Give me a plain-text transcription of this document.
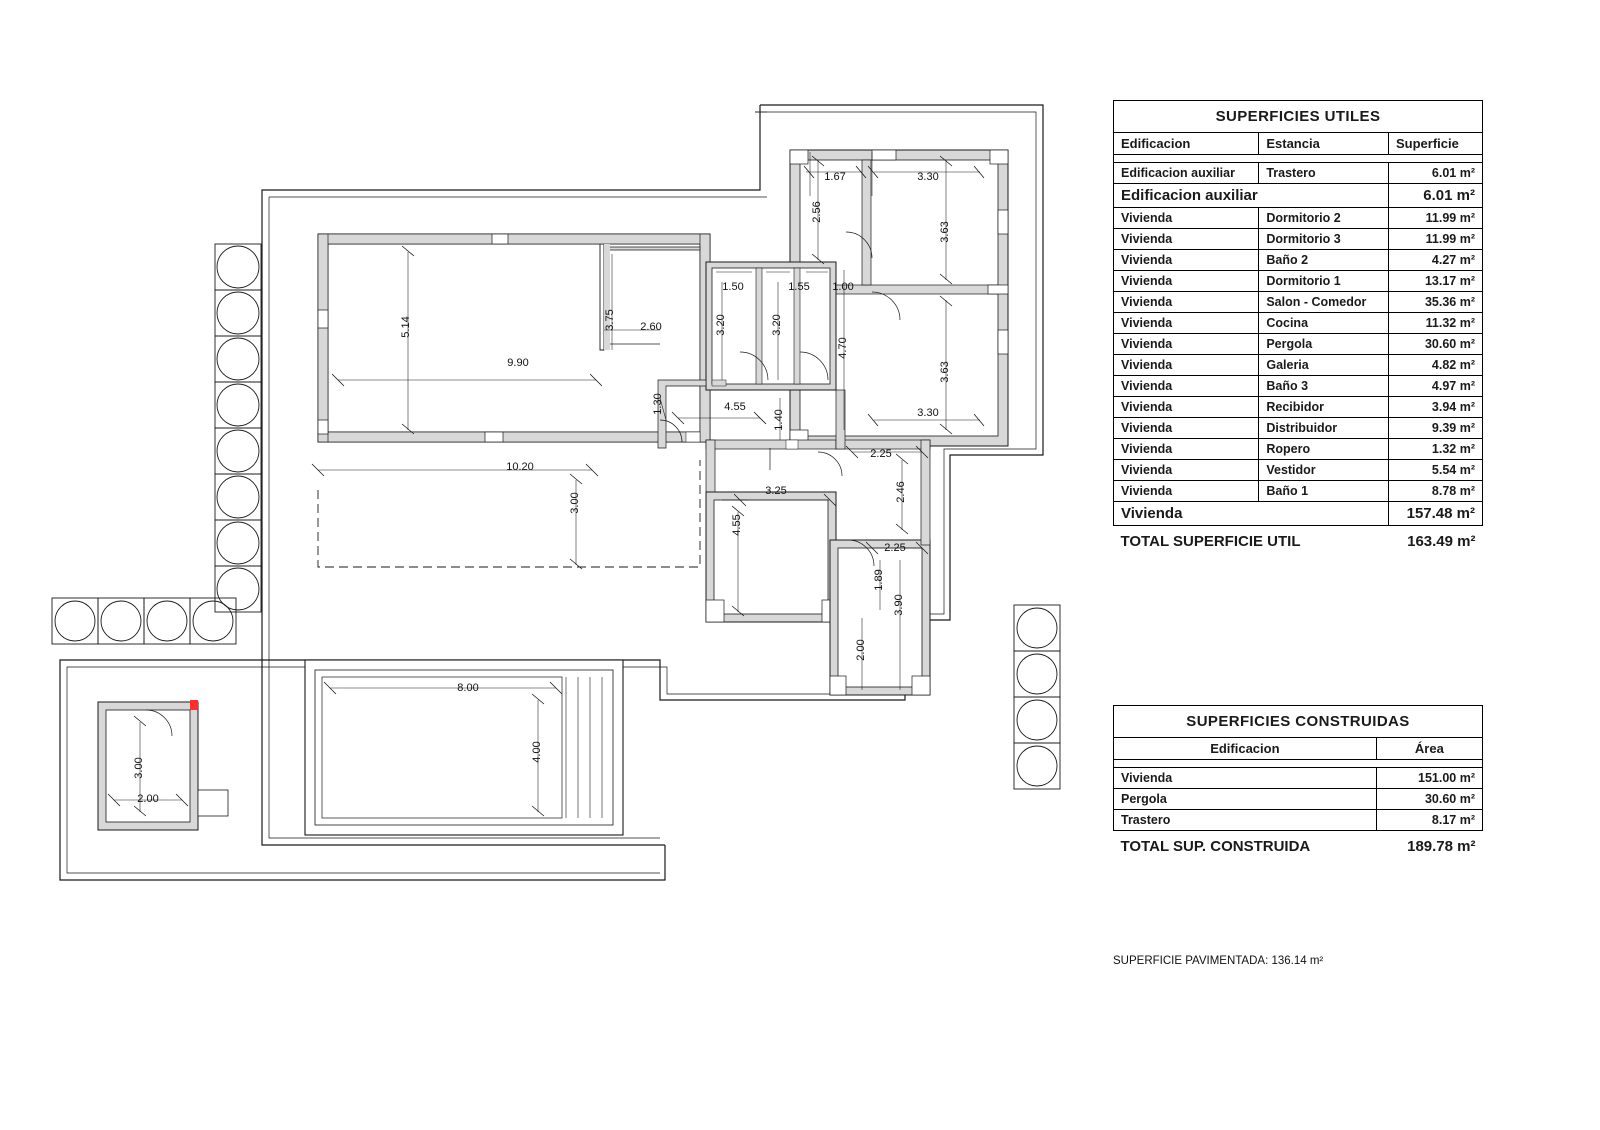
1.67	3.30
2.56
3.63
1.50	1.55 1.00
5.14	3.75	3.20	3.20
4.70
2.60
9.90	3.63
1.30	4.55
1.40	3.30
10.20
3.00
2.25
2.46
3.25
4.55
2.25
1.89
3.90
2.00
8.00
4.00
3.00
2.00
SUPERFICIES UTILES		
Edificacion	Estancia	Superficie

Edificacion auxiliar	Trastero	6.01 m²
Edificacion auxiliar		6.01 m²
Vivienda	Dormitorio 2	11.99 m²
Vivienda	Dormitorio 3	11.99 m²
Vivienda	Baño 2	4.27 m²
Vivienda	Dormitorio 1	13.17 m²
Vivienda	Salon - Comedor	35.36 m²
Vivienda	Cocina	11.32 m²
Vivienda	Pergola	30.60 m²
Vivienda	Galeria	4.82 m²
Vivienda	Baño 3	4.97 m²
Vivienda	Recibidor	3.94 m²
Vivienda	Distribuidor	9.39 m²
Vivienda	Ropero	1.32 m²
Vivienda	Vestidor	5.54 m²
Vivienda	Baño 1	8.78 m²
Vivienda		157.48 m²
TOTAL SUPERFICIE UTIL		163.49 m²
SUPERFICIES CONSTRUIDAS	
Edificacion	Área

Vivienda	151.00 m²
Pergola	30.60 m²
Trastero	8.17 m²
TOTAL SUP. CONSTRUIDA	189.78 m²
SUPERFICIE PAVIMENTADA: 136.14 m²
